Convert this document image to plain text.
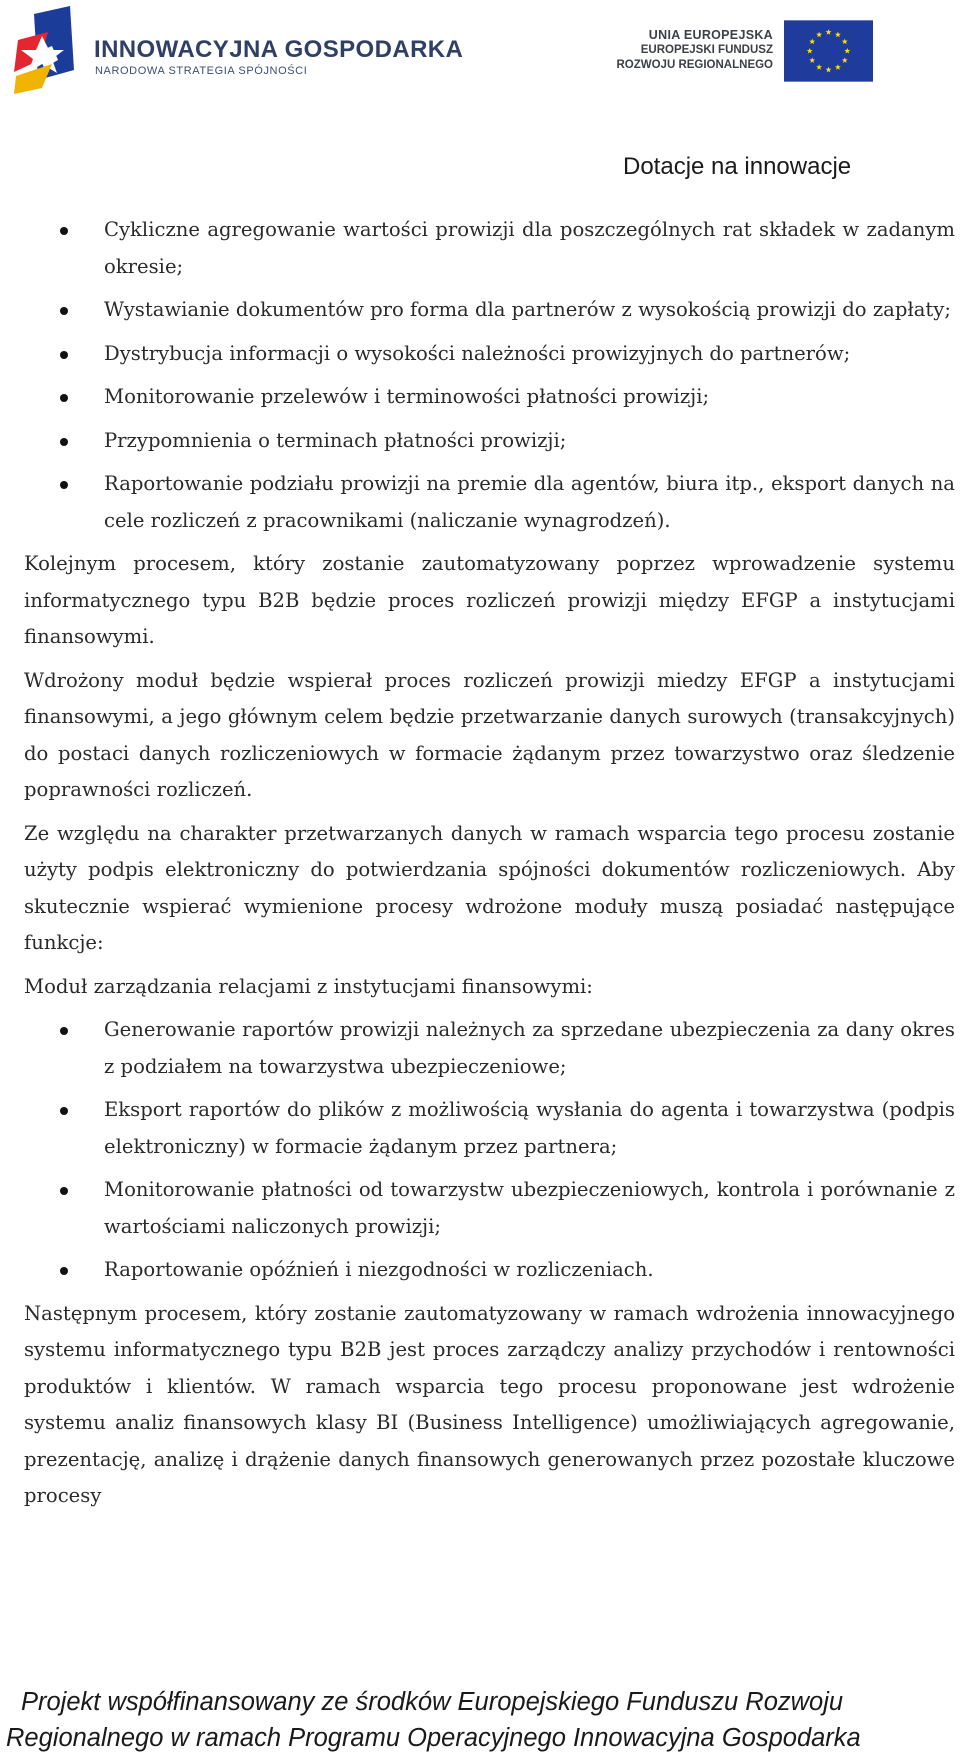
INNOWACYJNA GOSPODARKA
NARODOWA STRATEGIA SPÓJNOŚCI
UNIA EUROPEJSKA
EUROPEJSKI FUNDUSZ
ROZWOJU REGIONALNEGO
Dotacje na innowacje
Cykliczne agregowanie wartości prowizji dla poszczególnych rat składek w zadanym okresie;
Wystawianie dokumentów pro forma dla partnerów z wysokością prowizji do zapłaty;
Dystrybucja informacji o wysokości należności prowizyjnych do partnerów;
Monitorowanie przelewów i terminowości płatności prowizji;
Przypomnienia o terminach płatności prowizji;
Raportowanie podziału prowizji na premie dla agentów, biura itp., eksport danych na cele rozliczeń z pracownikami (naliczanie wynagrodzeń).

Kolejnym procesem, który zostanie zautomatyzowany poprzez wprowadzenie systemu informatycznego typu B2B będzie proces rozliczeń prowizji między EFGP a instytucjami finansowymi.

Wdrożony moduł będzie wspierał proces rozliczeń prowizji miedzy EFGP a instytucjami finansowymi, a jego głównym celem będzie przetwarzanie danych surowych (transakcyjnych) do postaci danych rozliczeniowych w formacie żądanym przez towarzystwo oraz śledzenie poprawności rozliczeń.

Ze względu na charakter przetwarzanych danych w ramach wsparcia tego procesu zostanie użyty podpis elektroniczny do potwierdzania spójności dokumentów rozliczeniowych. Aby skutecznie wspierać wymienione procesy wdrożone moduły muszą posiadać następujące funkcje:

Moduł zarządzania relacjami z instytucjami finansowymi:

Generowanie raportów prowizji należnych za sprzedane ubezpieczenia za dany okres z podziałem na towarzystwa ubezpieczeniowe;
Eksport raportów do plików z możliwością wysłania do agenta i towarzystwa (podpis elektroniczny) w formacie żądanym przez partnera;
Monitorowanie płatności od towarzystw ubezpieczeniowych, kontrola i porównanie z wartościami naliczonych prowizji;
Raportowanie opóźnień i niezgodności w rozliczeniach.

Następnym procesem, który zostanie zautomatyzowany w ramach wdrożenia innowacyjnego systemu informatycznego typu B2B jest proces zarządczy analizy przychodów i rentowności produktów i klientów. W ramach wsparcia tego procesu proponowane jest wdrożenie systemu analiz finansowych klasy BI (Business Intelligence) umożliwiających agregowanie, prezentację, analizę i drążenie danych finansowych generowanych przez pozostałe kluczowe procesy

Projekt współfinansowany ze środków Europejskiego Funduszu Rozwoju
Regionalnego w ramach Programu Operacyjnego Innowacyjna Gospodarka
